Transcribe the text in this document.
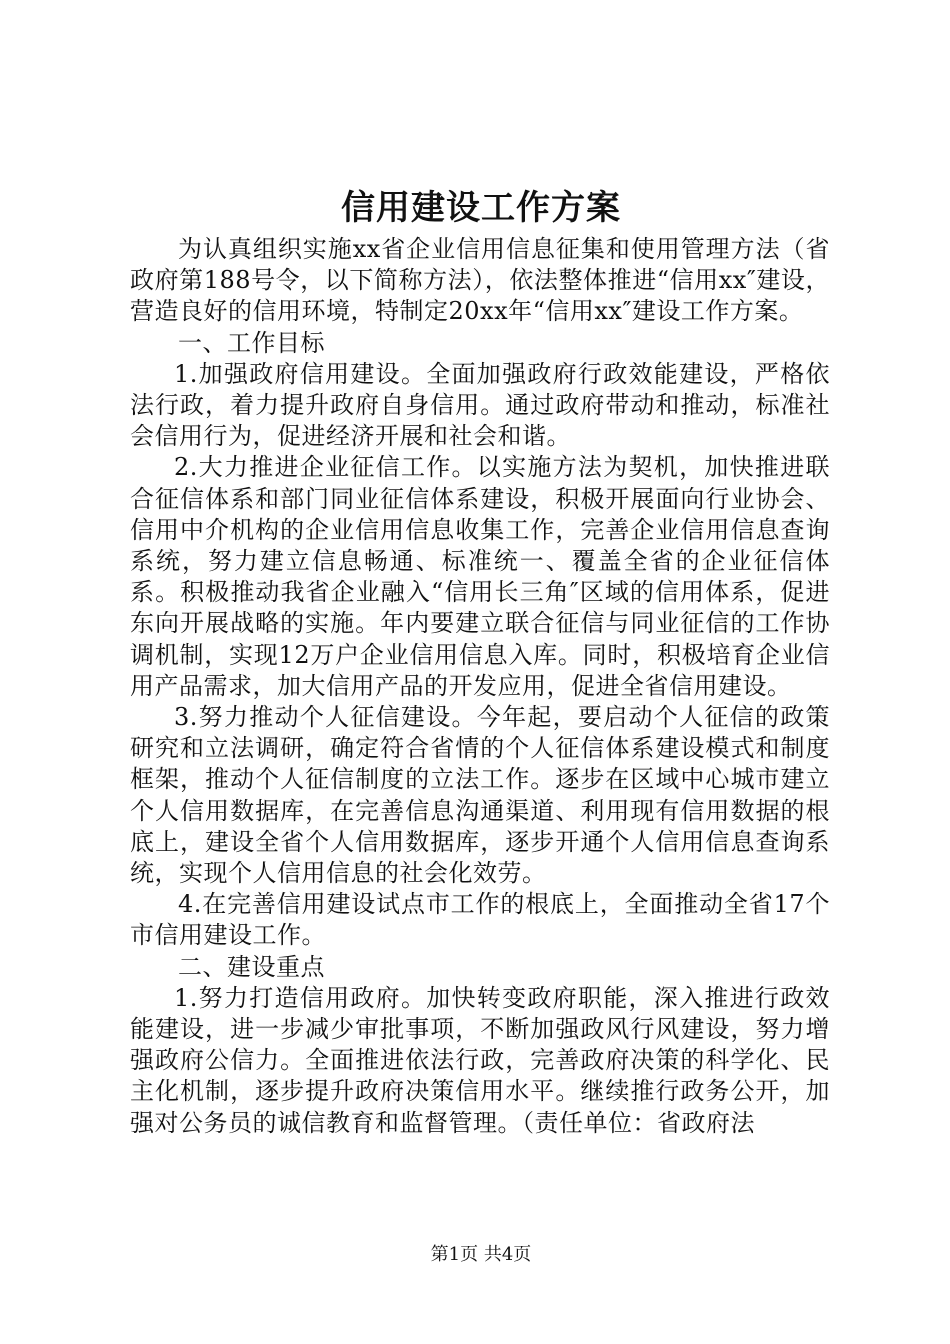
信用建设工作方案

为认真组织实施xx省企业信用信息征集和使用管理方法（省政府第188号令，以下简称方法），依法整体推进“信用xx″建设，营造良好的信用环境，特制定20xx年“信用xx″建设工作方案。

一、工作目标

1.加强政府信用建设。全面加强政府行政效能建设，严格依法行政，着力提升政府自身信用。通过政府带动和推动，标准社会信用行为，促进经济开展和社会和谐。

2.大力推进企业征信工作。以实施方法为契机，加快推进联合征信体系和部门同业征信体系建设，积极开展面向行业协会、信用中介机构的企业信用信息收集工作，完善企业信用信息查询系统，努力建立信息畅通、标准统一、覆盖全省的企业征信体系。积极推动我省企业融入“信用长三角″区域的信用体系，促进东向开展战略的实施。年内要建立联合征信与同业征信的工作协调机制，实现12万户企业信用信息入库。同时，积极培育企业信用产品需求，加大信用产品的开发应用，促进全省信用建设。

3.努力推动个人征信建设。今年起，要启动个人征信的政策研究和立法调研，确定符合省情的个人征信体系建设模式和制度框架，推动个人征信制度的立法工作。逐步在区域中心城市建立个人信用数据库，在完善信息沟通渠道、利用现有信用数据的根底上，建设全省个人信用数据库，逐步开通个人信用信息查询系统，实现个人信用信息的社会化效劳。

4.在完善信用建设试点市工作的根底上，全面推动全省17个市信用建设工作。

二、建设重点

1.努力打造信用政府。加快转变政府职能，深入推进行政效能建设，进一步减少审批事项，不断加强政风行风建设，努力增强政府公信力。全面推进依法行政，完善政府决策的科学化、民主化机制，逐步提升政府决策信用水平。继续推行政务公开，加强对公务员的诚信教育和监督管理。（责任单位：省政府法

第1页 共4页
